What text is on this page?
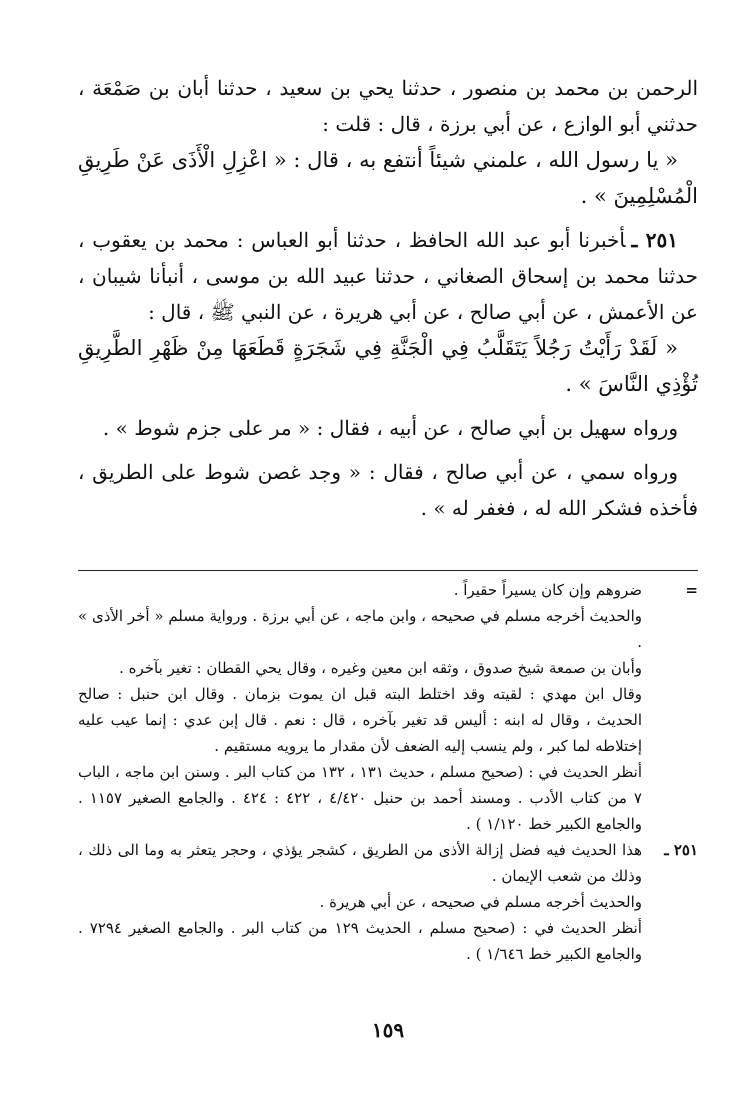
الرحمن بن محمد بن منصور ، حدثنا يحي بن سعيد ، حدثنا أبان بن صَمْعَة ، حدثني أبو الوازع ، عن أبي برزة ، قال : قلت :

« يا رسول الله ، علمني شيئاً أنتفع به ، قال : « اعْزِلِ الْأَذَى عَنْ طَرِيقِ الْمُسْلِمِينَ » .

٢٥١ ـأخبرنا أبو عبد الله الحافظ ، حدثنا أبو العباس : محمد بن يعقوب ، حدثنا محمد بن إسحاق الصغاني ، حدثنا عبيد الله بن موسى ، أنبأنا شيبان ، عن الأعمش ، عن أبي صالح ، عن أبي هريرة ، عن النبي ﷺ ، قال :

« لَقَدْ رَأَيْتُ رَجُلاً يَتَقَلَّبُ فِي الْجَنَّةِ فِي شَجَرَةٍ قَطَعَهَا مِنْ ظَهْرِ الطَّرِيقِ تُؤْذِي النَّاسَ » .

ورواه سهيل بن أبي صالح ، عن أبيه ، فقال : « مر على جزم شوط » .

ورواه سمي ، عن أبي صالح ، فقال : « وجد غصن شوط على الطريق ، فأخذه فشكر الله له ، فغفر له » .

=

ضروهم وإن كان يسيراً حقيراً .

والحديث أخرجه مسلم في صحيحه ، وابن ماجه ، عن أبي برزة . ورواية مسلم « أخر الأذى » .

وأبان بن صمعة شيخ صدوق ، وثقه ابن معين وغيره ، وقال يحي القطان : تغير بآخره .

وقال ابن مهدي : لقيته وقد اختلط البته قبل ان يموت بزمان . وقال ابن حنبل : صالح الحديث ، وقال له ابنه : أليس قد تغير بآخره ، قال : نعم . قال إبن عدي : إنما عيب عليه إختلاطه لما كبر ، ولم ينسب إليه الضعف لأن مقدار ما يرويه مستقيم .

أنظر الحديث في : (صحيح مسلم ، حديث ١٣١ ، ١٣٢ من كتاب البر . وسنن ابن ماجه ، الباب ٧ من كتاب الأدب . ومسند أحمد بن حنبل ٤/٤٢٠ ، ٤٢٢ : ٤٢٤ . والجامع الصغير ١١٥٧ . والجامع الكبير خط ١/١٢٠ ) .

٢٥١ ـ

هذا الحديث فيه فضل إزالة الأذى من الطريق ، كشجر يؤذي ، وحجر يتعثر به وما الى ذلك ، وذلك من شعب الإيمان .

والحديث أخرجه مسلم في صحيحه ، عن أبي هريرة .

أنظر الحديث في : (صحيح مسلم ، الحديث ١٢٩ من كتاب البر . والجامع الصغير ٧٢٩٤ . والجامع الكبير خط ١/٦٤٦ ) .

١٥٩
